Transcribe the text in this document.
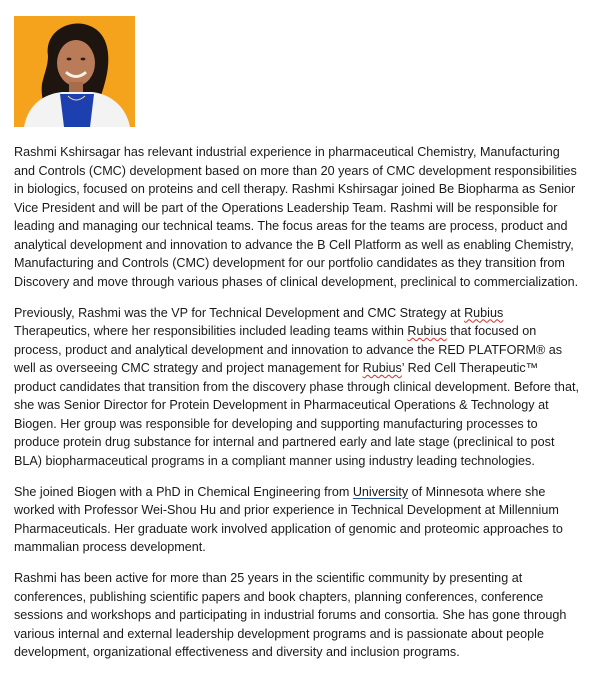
Rashmi Kshirsagar has relevant industrial experience in pharmaceutical Chemistry, Manufacturing and Controls (CMC) development based on more than 20 years of CMC development responsibilities in biologics, focused on proteins and cell therapy. Rashmi Kshirsagar joined Be Biopharma as Senior Vice President and will be part of the Operations Leadership Team. Rashmi will be responsible for leading and managing our technical teams. The focus areas for the teams are process, product and analytical development and innovation to advance the B Cell Platform as well as enabling Chemistry, Manufacturing and Controls (CMC) development for our portfolio candidates as they transition from Discovery and move through various phases of clinical development, preclinical to commercialization.

Previously, Rashmi was the VP for Technical Development and CMC Strategy at Rubius Therapeutics, where her responsibilities included leading teams within Rubius that focused on process, product and analytical development and innovation to advance the RED PLATFORM® as well as overseeing CMC strategy and project management for Rubius’ Red Cell Therapeutic™ product candidates that transition from the discovery phase through clinical development. Before that, she was Senior Director for Protein Development in Pharmaceutical Operations & Technology at Biogen. Her group was responsible for developing and supporting manufacturing processes to produce protein drug substance for internal and partnered early and late stage (preclinical to post BLA) biopharmaceutical programs in a compliant manner using industry leading technologies.

She joined Biogen with a PhD in Chemical Engineering from University of Minnesota where she worked with Professor Wei-Shou Hu and prior experience in Technical Development at Millennium Pharmaceuticals. Her graduate work involved application of genomic and proteomic approaches to mammalian process development.

Rashmi has been active for more than 25 years in the scientific community by presenting at conferences, publishing scientific papers and book chapters, planning conferences, conference sessions and workshops and participating in industrial forums and consortia. She has gone through various internal and external leadership development programs and is passionate about people development, organizational effectiveness and diversity and inclusion programs.
